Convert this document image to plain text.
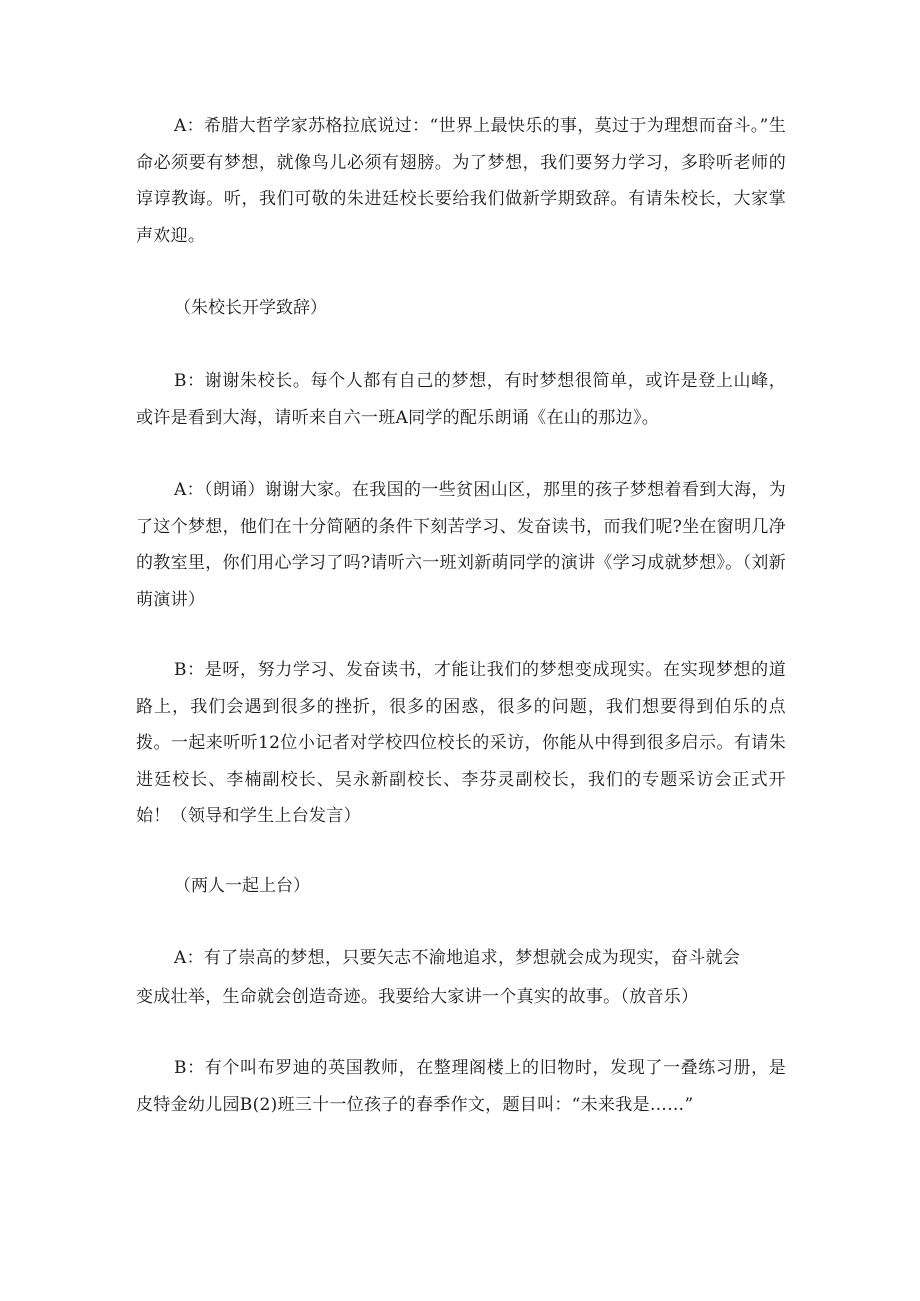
A：希腊大哲学家苏格拉底说过：“世界上最快乐的事，莫过于为理想而奋斗。”生命必须要有梦想，就像鸟儿必须有翅膀。为了梦想，我们要努力学习，多聆听老师的谆谆教诲。听，我们可敬的朱进廷校长要给我们做新学期致辞。有请朱校长，大家掌声欢迎。

（朱校长开学致辞）

B：谢谢朱校长。每个人都有自己的梦想，有时梦想很简单，或许是登上山峰，或许是看到大海，请听来自六一班A同学的配乐朗诵《在山的那边》。

A：（朗诵）谢谢大家。在我国的一些贫困山区，那里的孩子梦想着看到大海，为了这个梦想，他们在十分简陋的条件下刻苦学习、发奋读书，而我们呢?坐在窗明几净的教室里，你们用心学习了吗?请听六一班刘新萌同学的演讲《学习成就梦想》。（刘新萌演讲）

B：是呀，努力学习、发奋读书，才能让我们的梦想变成现实。在实现梦想的道路上，我们会遇到很多的挫折，很多的困惑，很多的问题，我们想要得到伯乐的点拨。一起来听听12位小记者对学校四位校长的采访，你能从中得到很多启示。有请朱进廷校长、李楠副校长、吴永新副校长、李芬灵副校长，我们的专题采访会正式开始！（领导和学生上台发言）

（两人一起上台）

A：有了崇高的梦想，只要矢志不渝地追求，梦想就会成为现实，奋斗就会

变成壮举，生命就会创造奇迹。我要给大家讲一个真实的故事。（放音乐）

B：有个叫布罗迪的英国教师，在整理阁楼上的旧物时，发现了一叠练习册，是皮特金幼儿园B(2)班三十一位孩子的春季作文，题目叫：“未来我是……”
